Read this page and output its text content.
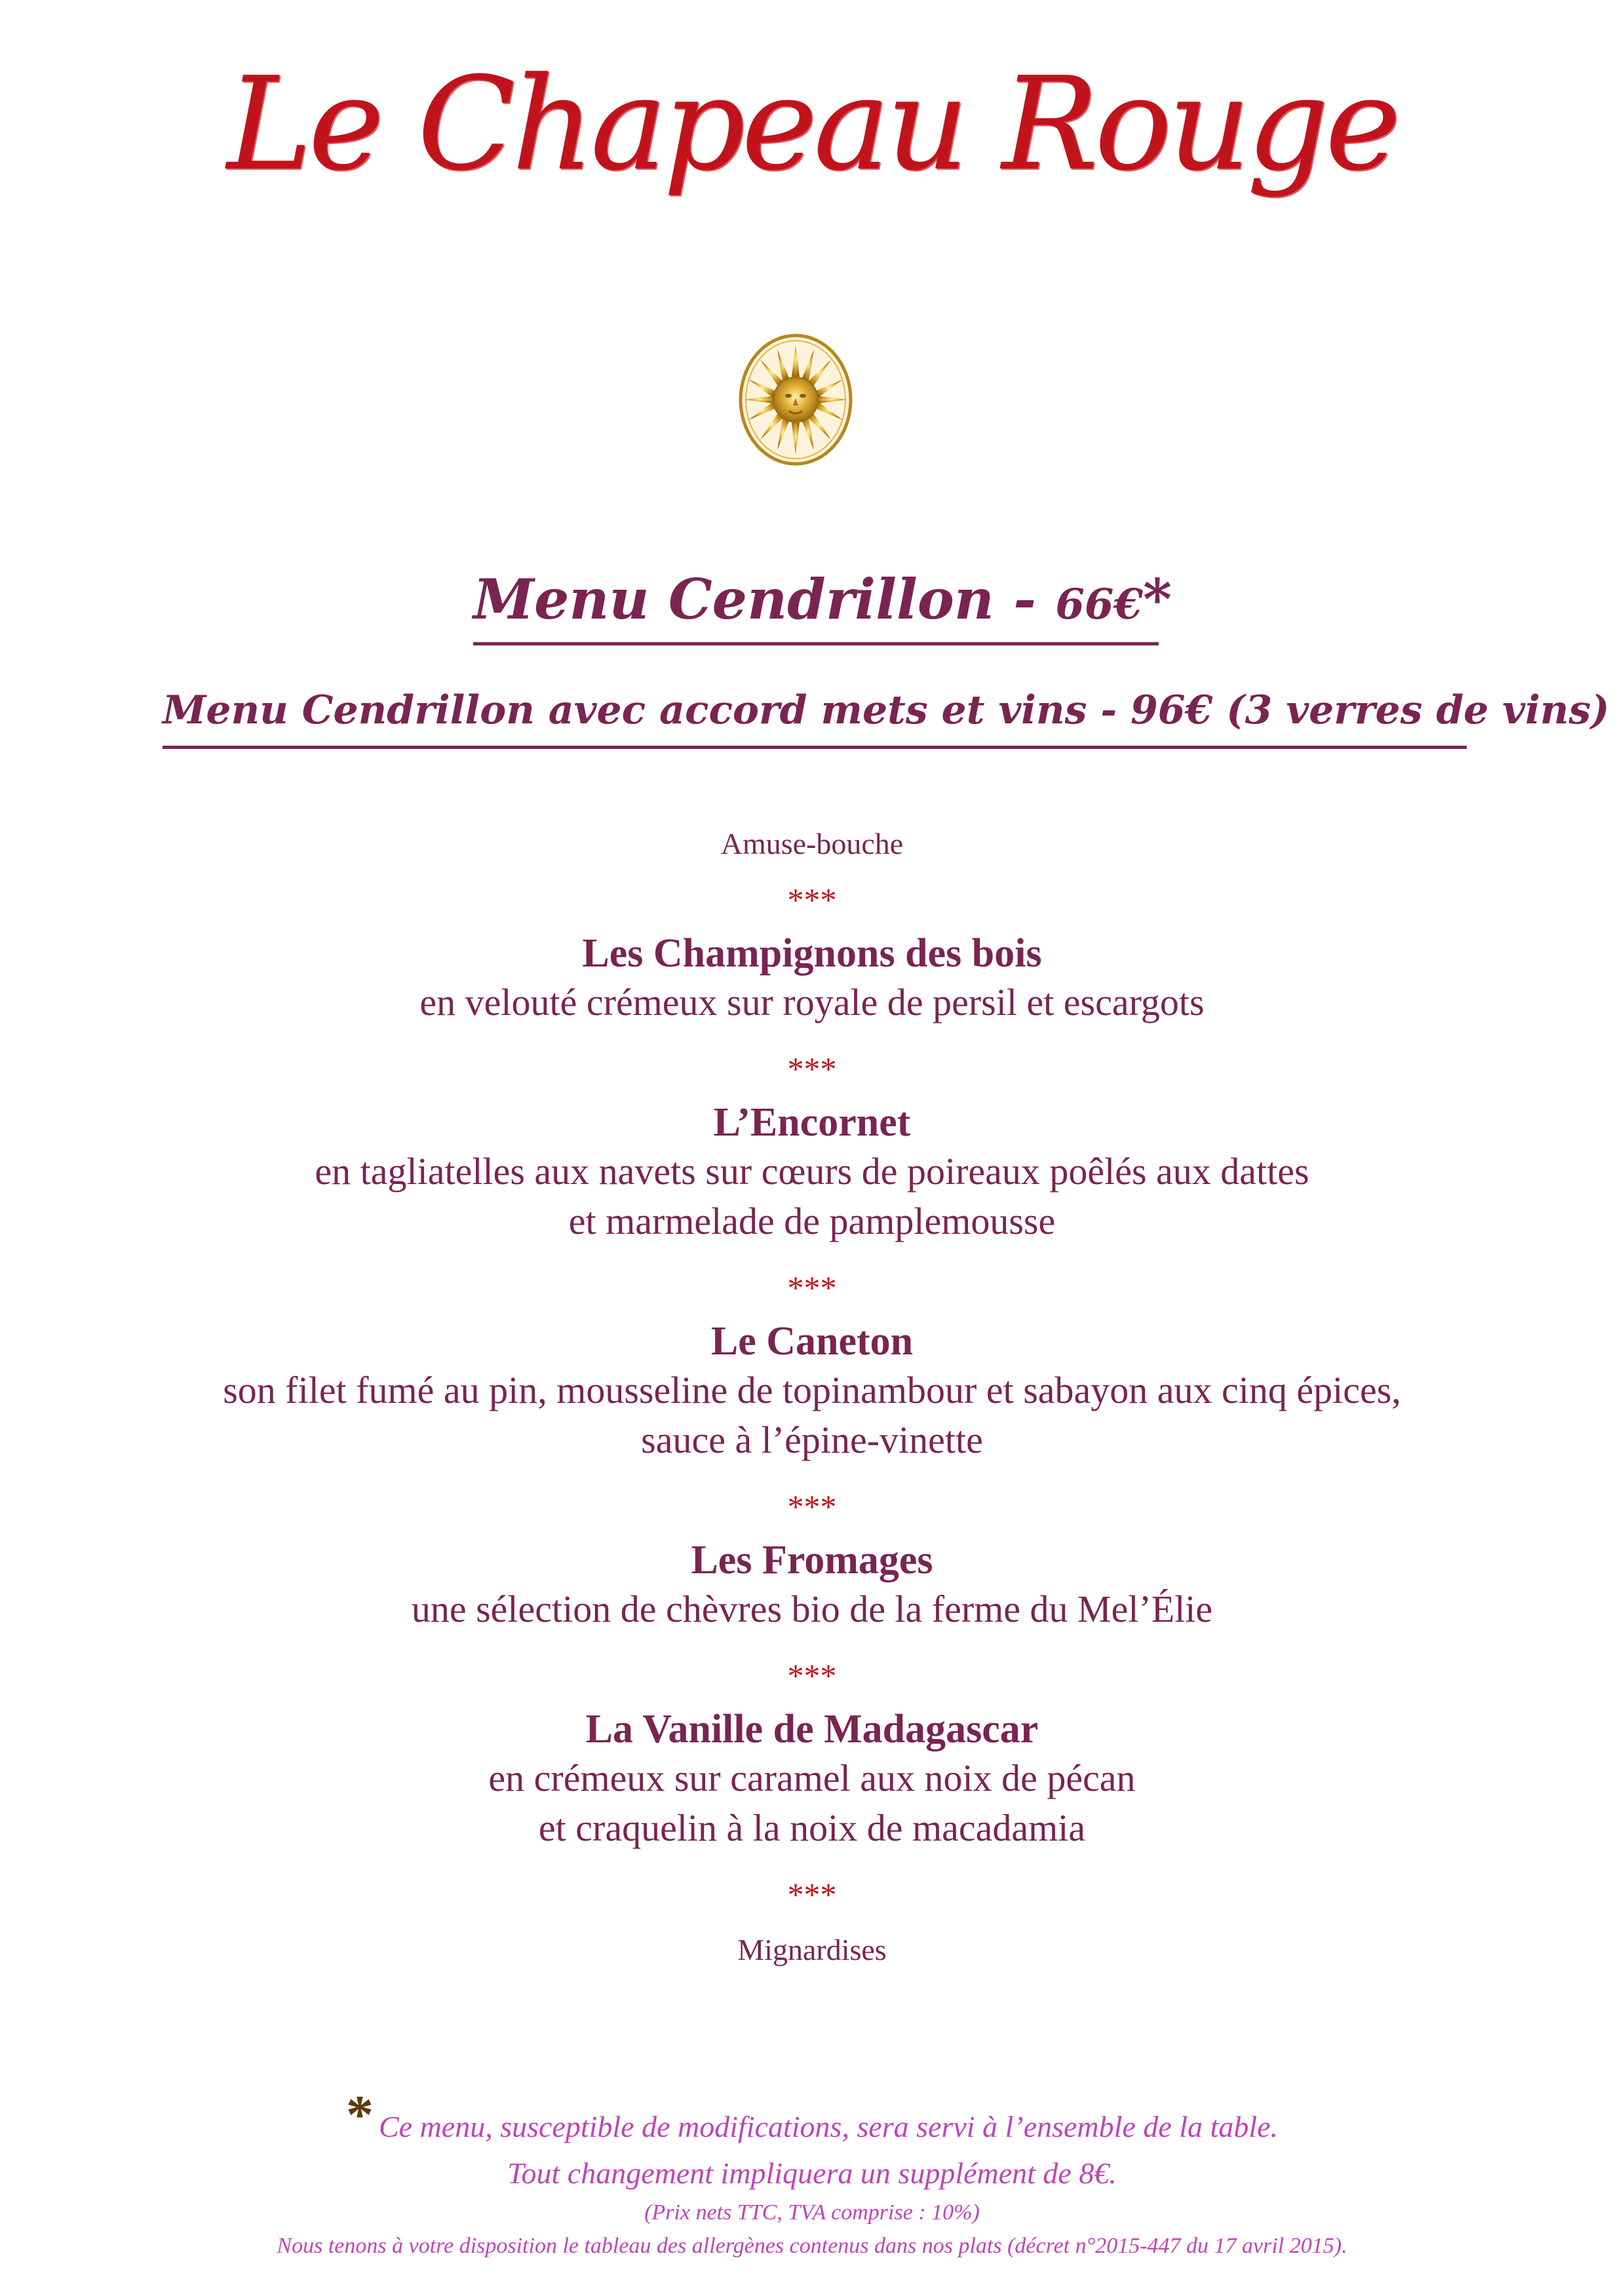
Le Chapeau Rouge
Menu Cendrillon - 66€*
Menu Cendrillon avec accord mets et vins - 96€ (3 verres de vins)
Amuse-bouche
***
Les Champignons des bois
en velouté crémeux sur royale de persil et escargots
***
L’Encornet
en tagliatelles aux navets sur cœurs de poireaux poêlés aux dattes
et marmelade de pamplemousse
***
Le Caneton
son filet fumé au pin, mousseline de topinambour et sabayon aux cinq épices,
sauce à l’épine-vinette
***
Les Fromages
une sélection de chèvres bio de la ferme du Mel’Élie
***
La Vanille de Madagascar
en crémeux sur caramel aux noix de pécan
et craquelin à la noix de macadamia
***
Mignardises
* Ce menu, susceptible de modifications, sera servi à l’ensemble de la table.
Tout changement impliquera un supplément de 8€.
(Prix nets TTC, TVA comprise : 10%)
Nous tenons à votre disposition le tableau des allergènes contenus dans nos plats (décret n°2015-447 du 17 avril 2015).
